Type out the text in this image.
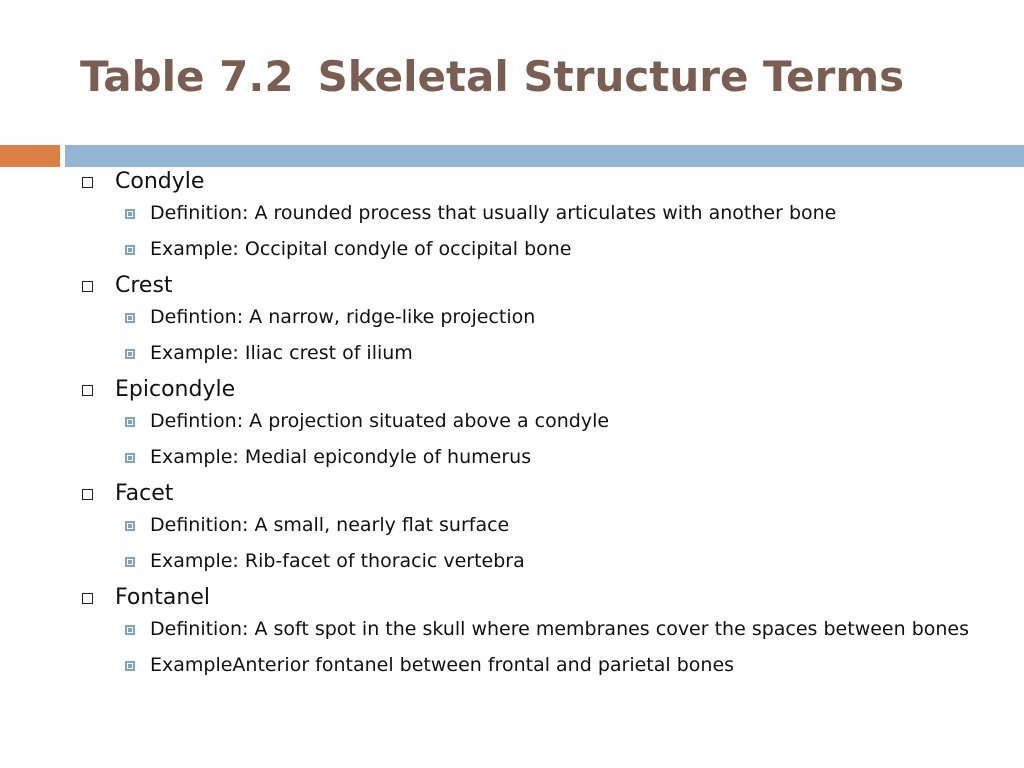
Table 7.2 Skeletal Structure Terms
Condyle
Definition: A rounded process that usually articulates with another bone
Example: Occipital condyle of occipital bone
Crest
Defintion: A narrow, ridge-like projection
Example: Iliac crest of ilium
Epicondyle
Defintion: A projection situated above a condyle
Example: Medial epicondyle of humerus
Facet
Definition: A small, nearly flat surface
Example: Rib-facet of thoracic vertebra
Fontanel
Definition: A soft spot in the skull where membranes cover the spaces between bones
ExampleAnterior fontanel between frontal and parietal bones
